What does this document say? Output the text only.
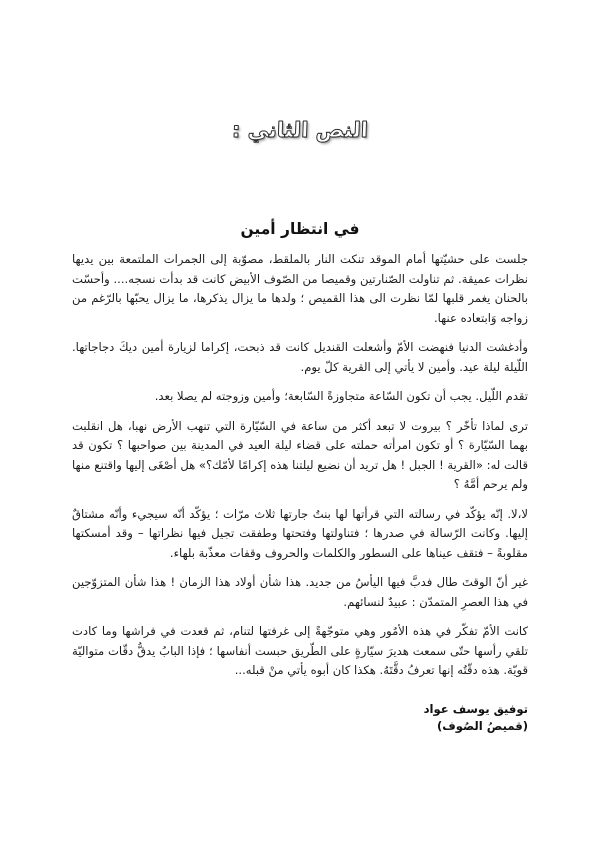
النص الثاني :
في انتظار أمين

جلست على حشيّتها أمام الموقد تنكت النار بالملقط، مصوّبة إلى الجمرات الملتمعة بين يديها نظرات عميقة. ثم تناولت الصّنارتين وقميصا من الصّوف الأبيض كانت قد بدأت نسجه.... وأحسّت بالحنان يغمر قلبها لمّا نظرت الى هذا القميص ؛ ولدها ما يزال يذكرها، ما يزال يحبّها بالرّغم من زواجه وَابتعاده عنها.

وأدغشت الدنيا فنهضت الأمّ وأشعلت القنديل كانت قد ذبحت، إكراما لزيارة أمين ديكَ دجاجاتها. اللّيلة ليلة عيد. وأمين لا يأتي إلى القرية كلّ يوم.

تقدم اللّيل. يجب أن تكون السّاعة متجاوزةً السّابعة؛ وأمين وزوجته لم يصلا بعد.

ترى لماذا تأخّر ؟ بيروت لا تبعد أكثر من ساعة في السّيّارة التي تنهب الأرض نهبا، هل انقلبت بهما السّيّارة ؟ أو تكون امرأته حملته على قضاء ليلة العيد في المدينة بين صواحبها ؟ تكون قد قالت له: «القرية ! الجبل ! هل تريد أن نضيع ليلتنا هذه إكرامًا لأمّك؟» هل أصْغَى إليها واقتنع منها ولم يرحم أمَّهُ ؟

لا،لا. إنّه يؤكّد في رسالته التي قرأتها لها بنتُ جارتها ثلاث مرّات ؛ يؤكّد أنّه سيجيء وأنّه مشتاقٌ إليها. وكانت الرّسالة في صدرها ؛ فتناولتها وفتحتها وطفقت تجيل فيها نظراتها – وقد أمسكتها مقلوبةً – فتقف عيناها على السطور والكلمات والحروف وقفات معذّبة بلهاء.

غير أنّ الوقتَ طال فدبَّ فيها اليأسُ من جديد. هذا شأن أولاد هذا الزمان ! هذا شأن المتزوّجين في هذا العصرِ المتمدّن : عبيدٌ لنسائهم.

كانت الأمّ تفكّر في هذه الأمُور وهي متوجّهةً إلى غرفتها لتنام، ثم قعدت في فراشها وما كادت تلقي رأسها حتّى سمعت هديرَ سيّارةٍ على الطّريق حبست أنفاسها ؛ فإذا البابُ يدقُّ دقّات متواليّة قويّة. هذه دقّتُه إنها تعرفُ دقَّتَهُ. هكذا كان أبوه يأتي منْ قبله...

توفيق يوسف عواد
(قميصُ الصُوف)
